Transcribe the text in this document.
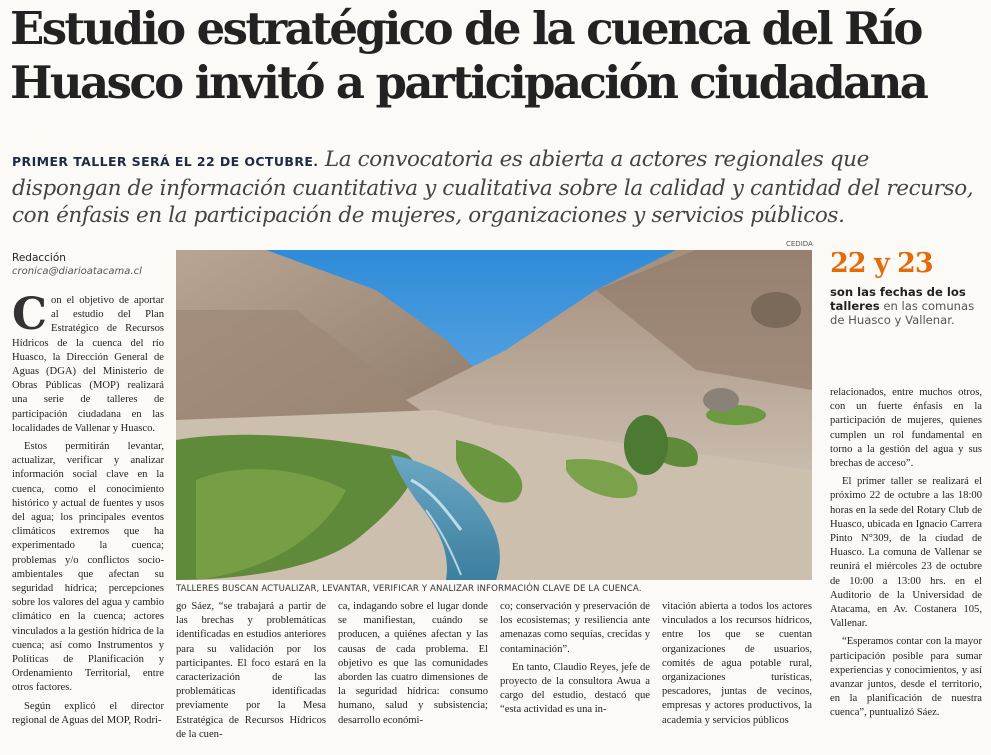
Estudio estratégico de la cuenca del Río Huasco invitó a participación ciudadana

PRIMER TALLER SERÁ EL 22 DE OCTUBRE. La convocatoria es abierta a actores regionales que dispongan de información cuantitativa y cualitativa sobre la calidad y cantidad del recurso, con énfasis en la participación de mujeres, organizaciones y servicios públicos.

Redacción
cronica@diarioatacama.cl

Con el objetivo de aportar al estudio del Plan Estratégico de Recursos Hídricos de la cuenca del río Huasco, la Dirección General de Aguas (DGA) del Ministerio de Obras Públicas (MOP) realizará una serie de talleres de participación ciudadana en las localidades de Vallenar y Huasco.

Estos permitirán levantar, actualizar, verificar y analizar información social clave en la cuenca, como el conocimiento histórico y actual de fuentes y usos del agua; los principales eventos climáticos extremos que ha experimentado la cuenca; problemas y/o conflictos socio-ambientales que afectan su seguridad hídrica; percepciones sobre los valores del agua y cambio climático en la cuenca; actores vinculados a la gestión hídrica de la cuenca; así como Instrumentos y Políticas de Planificación y Ordenamiento Territorial, entre otros factores.

Según explicó el director regional de Aguas del MOP, Rodri-

CEDIDA
TALLERES BUSCAN ACTUALIZAR, LEVANTAR, VERIFICAR Y ANALIZAR INFORMACIÓN CLAVE DE LA CUENCA.
22 y 23
son las fechas de los talleres en las comunas de Huasco y Vallenar.

go Sáez, “se trabajará a partir de las brechas y problemáticas identificadas en estudios anteriores para su validación por los participantes. El foco estará en la caracterización de las problemáticas identificadas previamente por la Mesa Estratégica de Recursos Hídricos de la cuen-

ca, indagando sobre el lugar donde se manifiestan, cuándo se producen, a quiénes afectan y las causas de cada problema. El objetivo es que las comunidades aborden las cuatro dimensiones de la seguridad hídrica: consumo humano, salud y subsistencia; desarrollo económi-

co; conservación y preservación de los ecosistemas; y resiliencia ante amenazas como sequías, crecidas y contaminación”.

En tanto, Claudio Reyes, jefe de proyecto de la consultora Awua a cargo del estudio, destacó que “esta actividad es una in-

vitación abierta a todos los actores vinculados a los recursos hídricos, entre los que se cuentan organizaciones de usuarios, comités de agua potable rural, organizaciones turísticas, pescadores, juntas de vecinos, empresas y actores productivos, la academia y servicios públicos

relacionados, entre muchos otros, con un fuerte énfasis en la participación de mujeres, quienes cumplen un rol fundamental en torno a la gestión del agua y sus brechas de acceso”.

El primer taller se realizará el próximo 22 de octubre a las 18:00 horas en la sede del Rotary Club de Huasco, ubicada en Ignacio Carrera Pinto N°309, de la ciudad de Huasco. La comuna de Vallenar se reunirá el miércoles 23 de octubre de 10:00 a 13:00 hrs. en el Auditorio de la Universidad de Atacama, en Av. Costanera 105, Vallenar.

“Esperamos contar con la mayor participación posible para sumar experiencias y conocimientos, y así avanzar juntos, desde el territorio, en la planificación de nuestra cuenca”, puntualizó Sáez.
